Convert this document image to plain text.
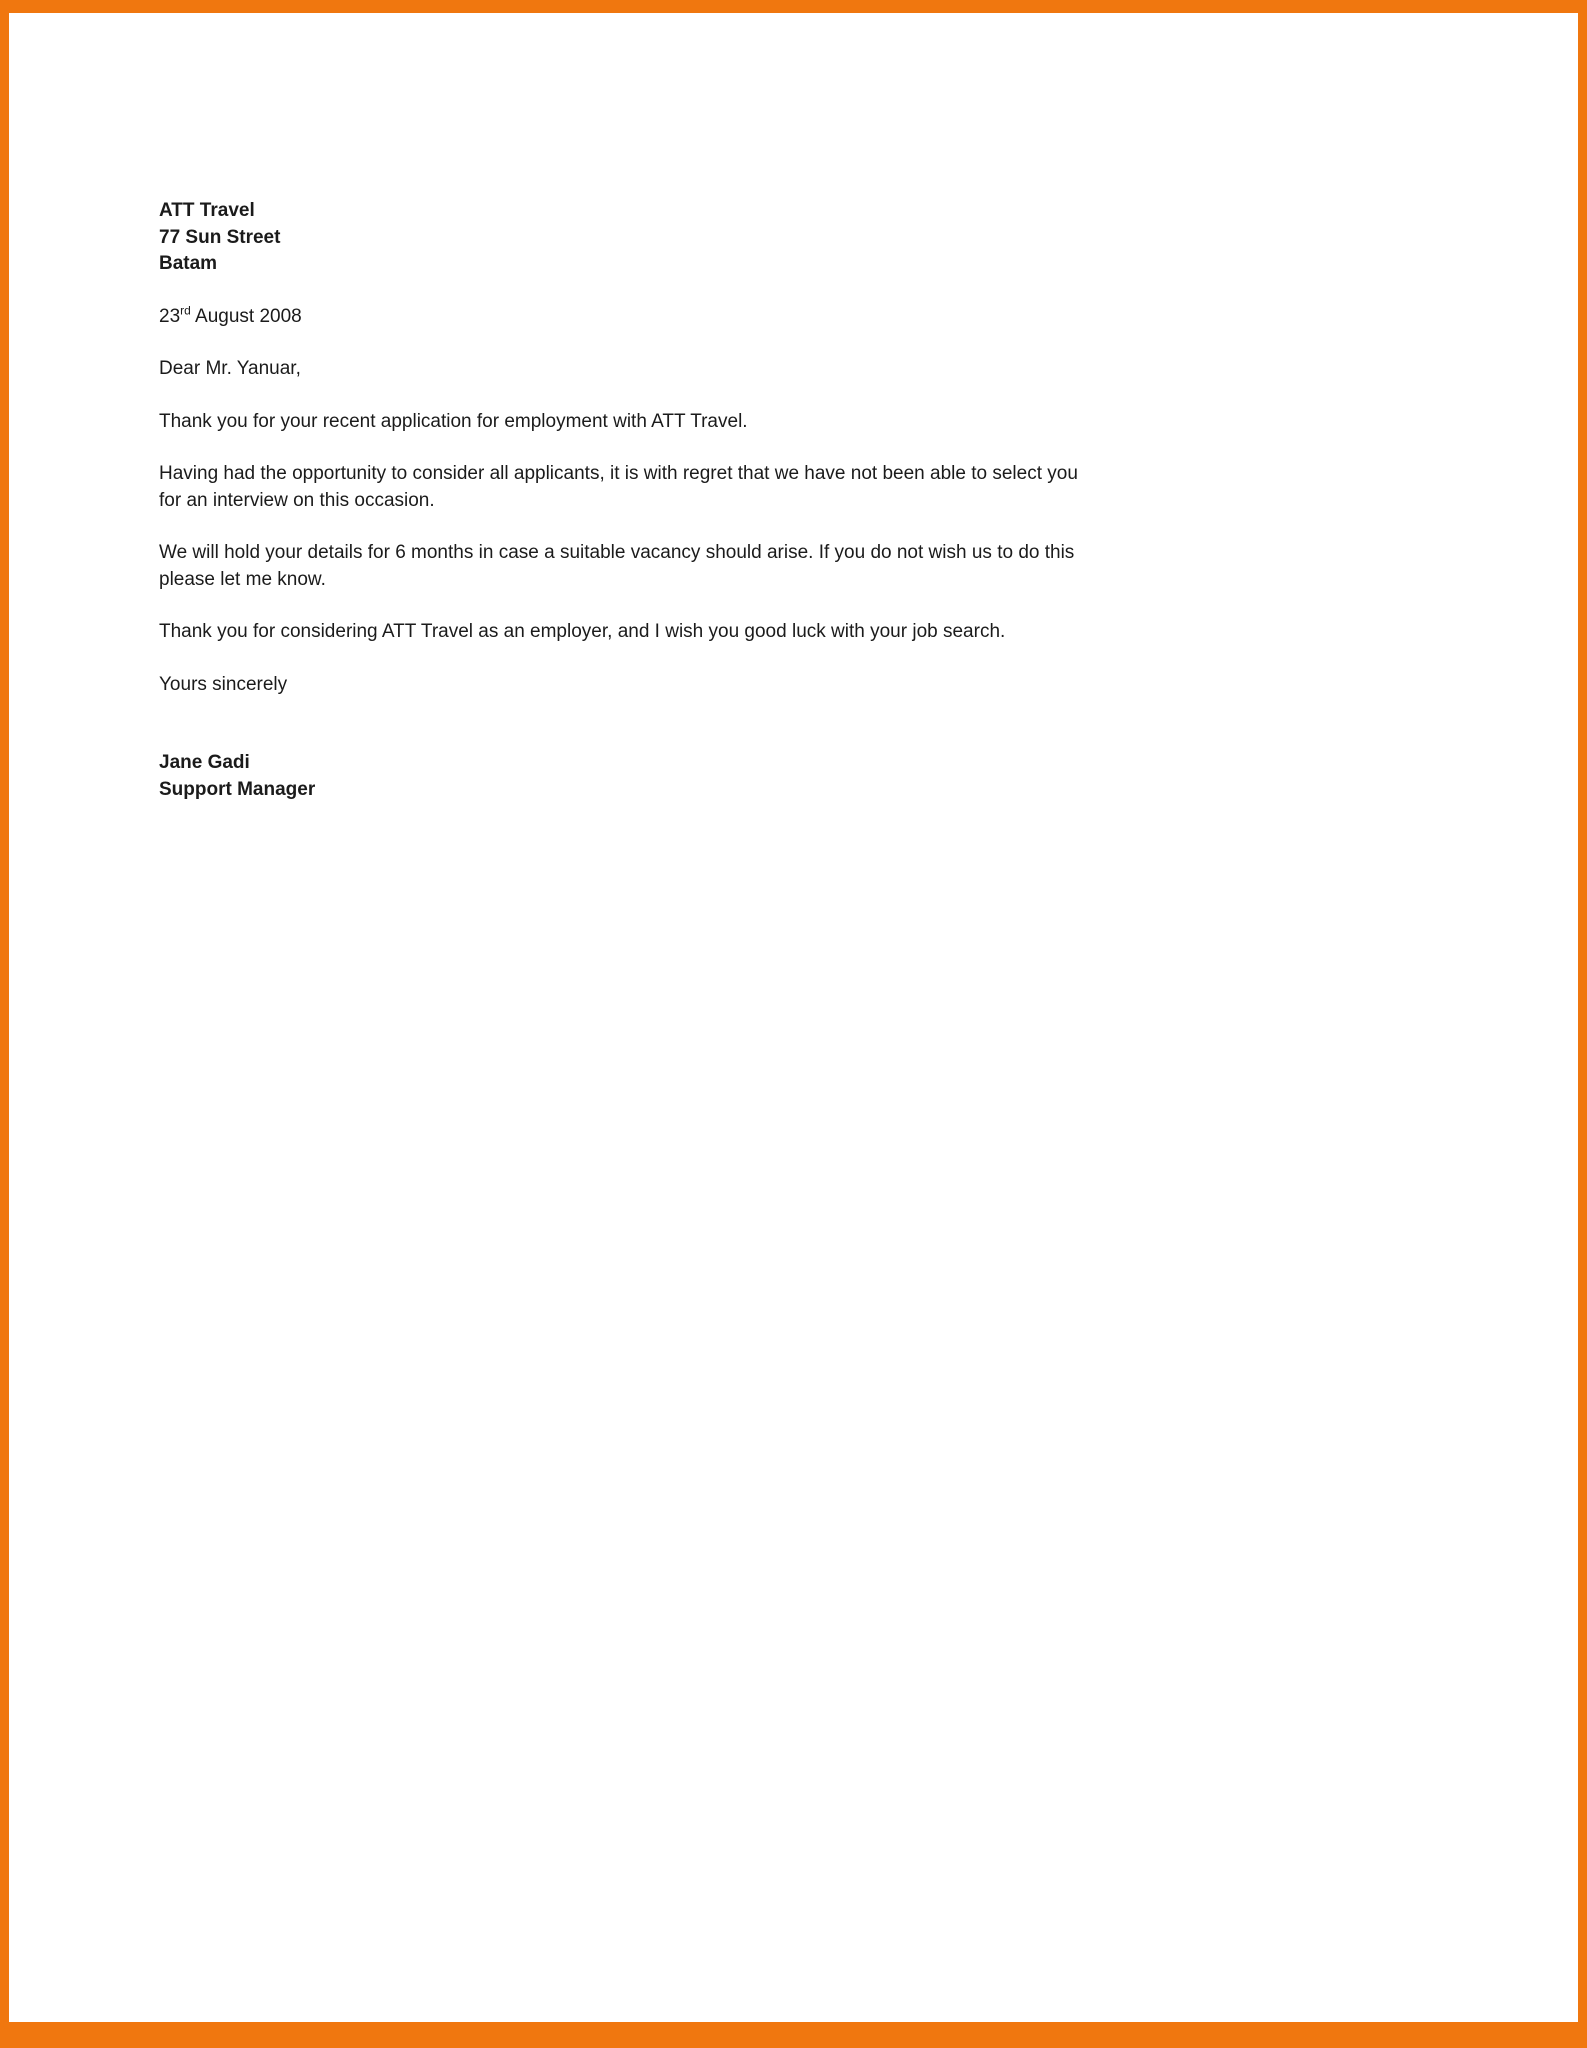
ATT Travel
77 Sun Street
Batam

23rd August 2008

Dear Mr. Yanuar,

Thank you for your recent application for employment with ATT Travel.

Having had the opportunity to consider all applicants, it is with regret that we have not been able to select you for an interview on this occasion.

We will hold your details for 6 months in case a suitable vacancy should arise. If you do not wish us to do this please let me know.

Thank you for considering ATT Travel as an employer, and I wish you good luck with your job search.

Yours sincerely

Jane Gadi
Support Manager
